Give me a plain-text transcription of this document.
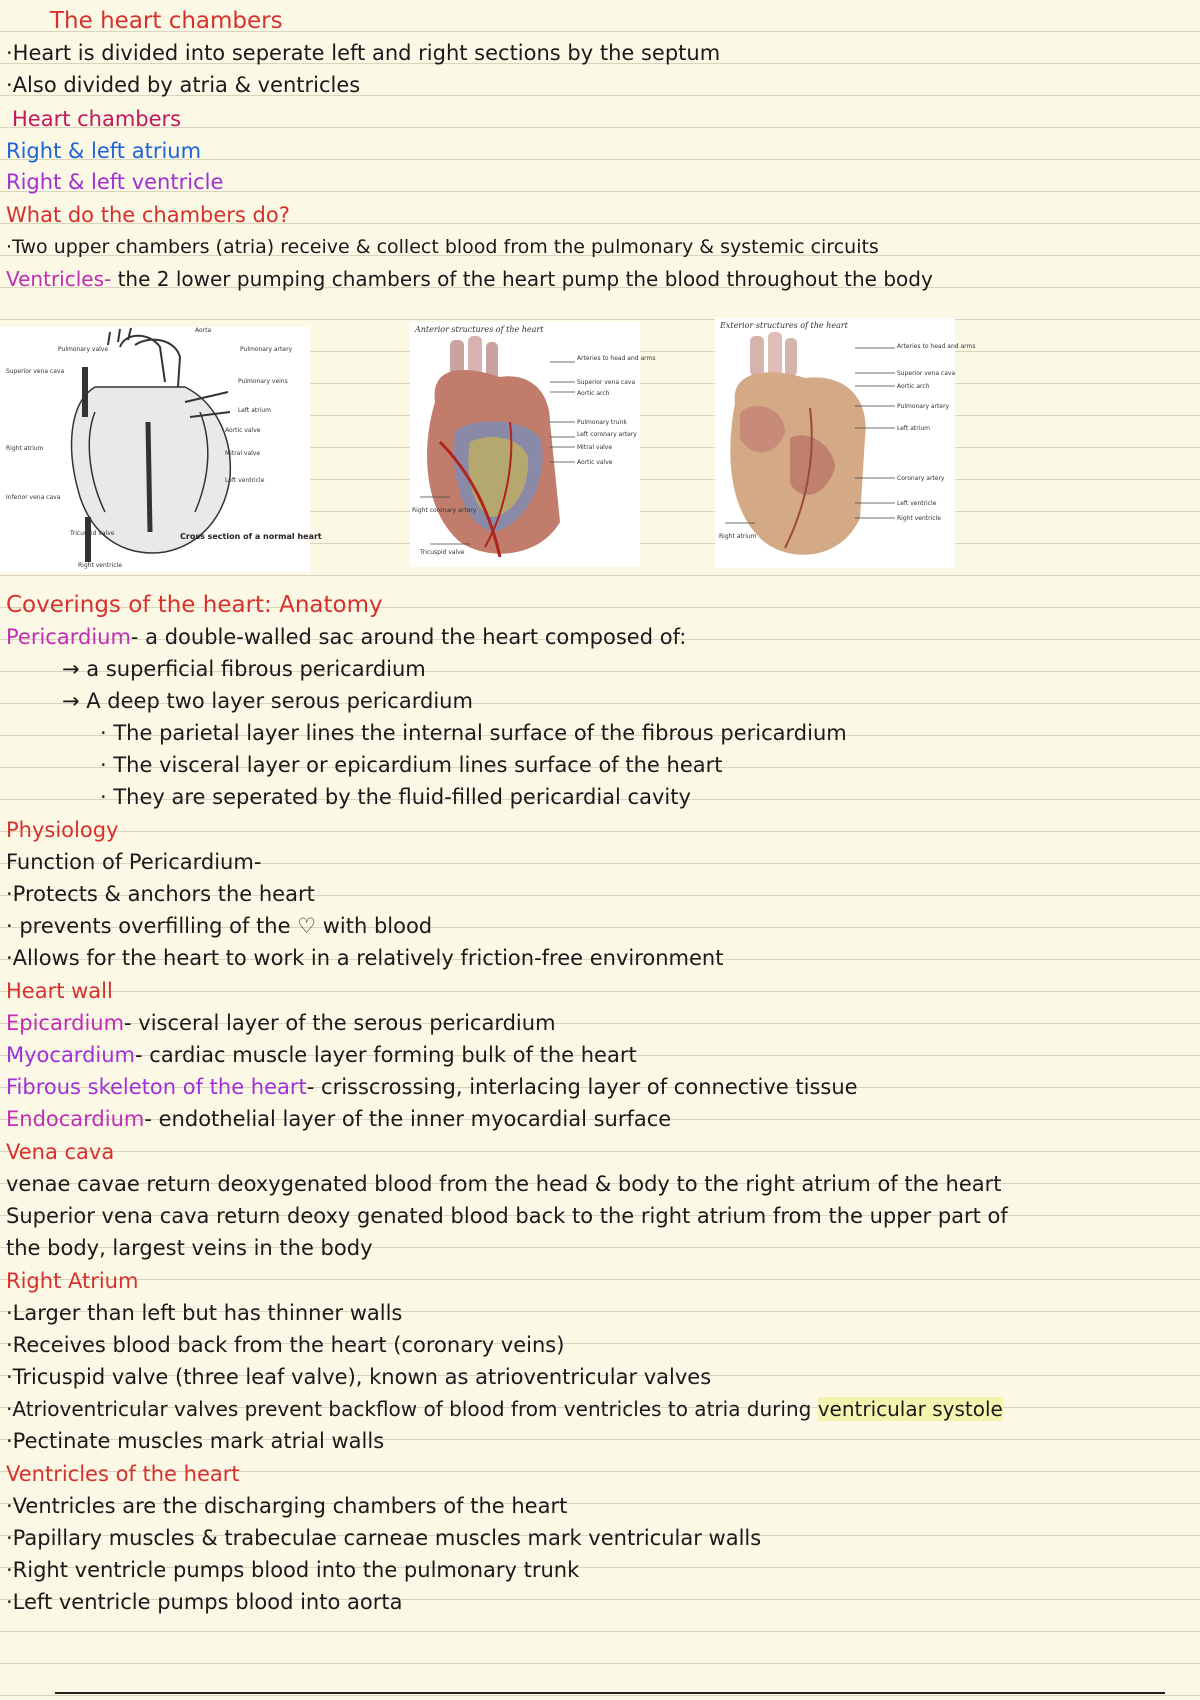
The heart chambers
·Heart is divided into seperate left and right sections by the septum
·Also divided by atria & ventricles
Heart chambers
Right & left atrium
Right & left ventricle
What do the chambers do?
·Two upper chambers (atria) receive & collect blood from the pulmonary & systemic circuits
Ventricles- the 2 lower pumping chambers of the heart pump the blood throughout the body
Aorta
Pulmonary valve	Pulmonary artery
Superior vena cava
Pulmonary veins
Left atrium
Aortic valve
Mitral valve
Left ventricle
Right atrium
Inferior vena cava
Tricuspid valve
Right ventricle
Cross section of a normal heart
Anterior structures of the heart
Arteries to head and arms
Superior vena cava
Aortic arch
Pulmonary trunk
Left coronary artery
Mitral valve
Aortic valve
Right coronary artery
Tricuspid valve
Exterior structures of the heart
Arteries to head and arms
Superior vena cava
Aortic arch
Pulmonary artery
Left atrium
Coronary artery
Left ventricle
Right ventricle
Right atrium
Coverings of the heart: Anatomy
Pericardium- a double-walled sac around the heart composed of:
→ a superficial fibrous pericardium
→ A deep two layer serous pericardium
· The parietal layer lines the internal surface of the fibrous pericardium
· The visceral layer or epicardium lines surface of the heart
· They are seperated by the fluid-filled pericardial cavity
Physiology
Function of Pericardium-
·Protects & anchors the heart
· prevents overfilling of the ♡ with blood
·Allows for the heart to work in a relatively friction-free environment
Heart wall
Epicardium- visceral layer of the serous pericardium
Myocardium- cardiac muscle layer forming bulk of the heart
Fibrous skeleton of the heart- crisscrossing, interlacing layer of connective tissue
Endocardium- endothelial layer of the inner myocardial surface
Vena cava
venae cavae return deoxygenated blood from the head & body to the right atrium of the heart
Superior vena cava return deoxy genated blood back to the right atrium from the upper part of
the body, largest veins in the body
Right Atrium
·Larger than left but has thinner walls
·Receives blood back from the heart (coronary veins)
·Tricuspid valve (three leaf valve), known as atrioventricular valves
·Atrioventricular valves prevent backflow of blood from ventricles to atria during ventricular systole
·Pectinate muscles mark atrial walls
Ventricles of the heart
·Ventricles are the discharging chambers of the heart
·Papillary muscles & trabeculae carneae muscles mark ventricular walls
·Right ventricle pumps blood into the pulmonary trunk
·Left ventricle pumps blood into aorta
